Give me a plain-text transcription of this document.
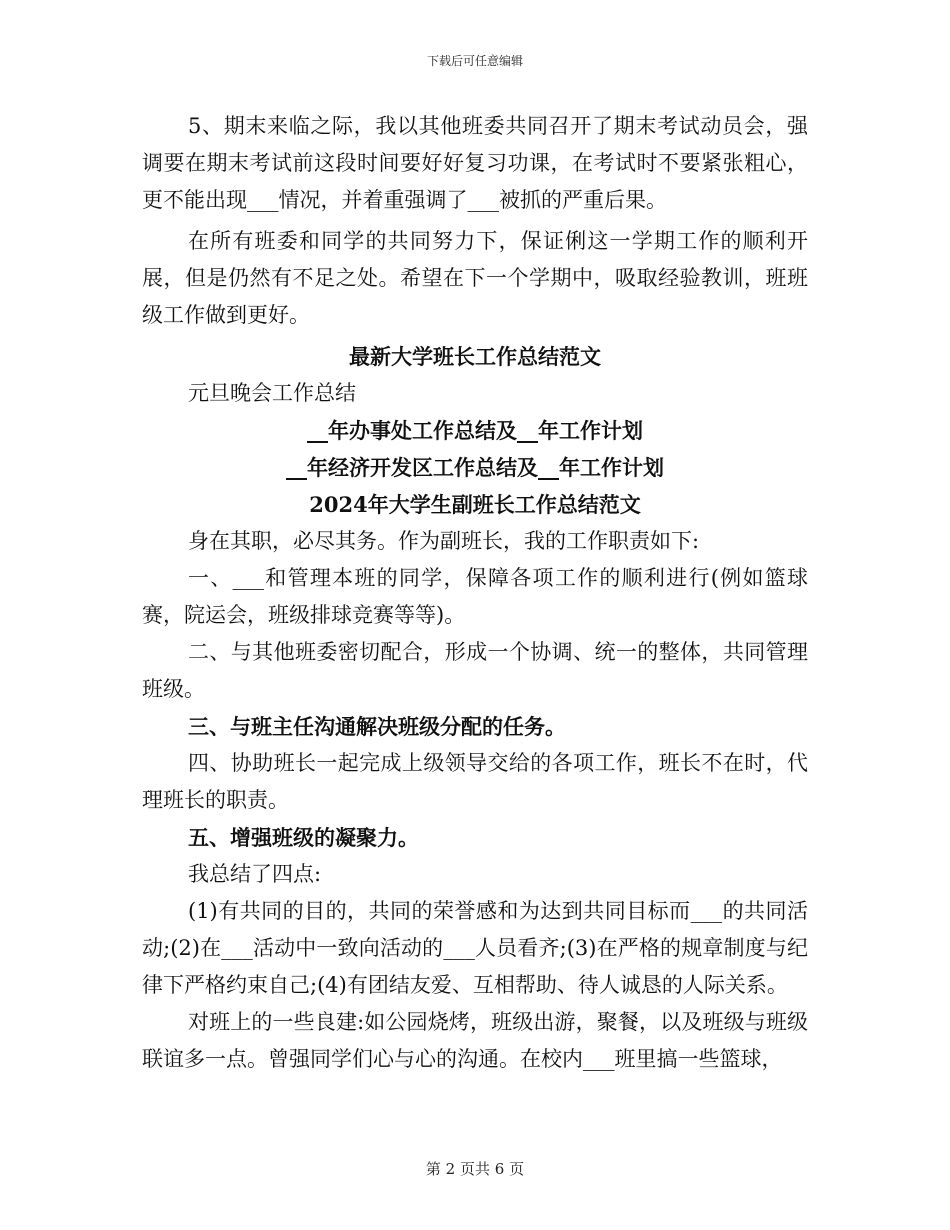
下载后可任意编辑

5、期末来临之际，我以其他班委共同召开了期末考试动员会，强调要在期末考试前这段时间要好好复习功课，在考试时不要紧张粗心，更不能出现___情况，并着重强调了___被抓的严重后果。

在所有班委和同学的共同努力下，保证俐这一学期工作的顺利开展，但是仍然有不足之处。希望在下一个学期中，吸取经验教训，班班级工作做到更好。

最新大学班长工作总结范文

元旦晚会工作总结

__年办事处工作总结及__年工作计划

__年经济开发区工作总结及__年工作计划

2024年大学生副班长工作总结范文

身在其职，必尽其务。作为副班长，我的工作职责如下:

一、___和管理本班的同学，保障各项工作的顺利进行(例如篮球赛，院运会，班级排球竞赛等等)。

二、与其他班委密切配合，形成一个协调、统一的整体，共同管理班级。

三、与班主任沟通解决班级分配的任务。

四、协助班长一起完成上级领导交给的各项工作，班长不在时，代理班长的职责。

五、增强班级的凝聚力。

我总结了四点:

(1)有共同的目的，共同的荣誉感和为达到共同目标而___的共同活动;(2)在___活动中一致向活动的___人员看齐;(3)在严格的规章制度与纪律下严格约束自己;(4)有团结友爱、互相帮助、待人诚恳的人际关系。

对班上的一些良建:如公园烧烤，班级出游，聚餐，以及班级与班级联谊多一点。曾强同学们心与心的沟通。在校内___班里搞一些篮球，

第 2 页共 6 页
